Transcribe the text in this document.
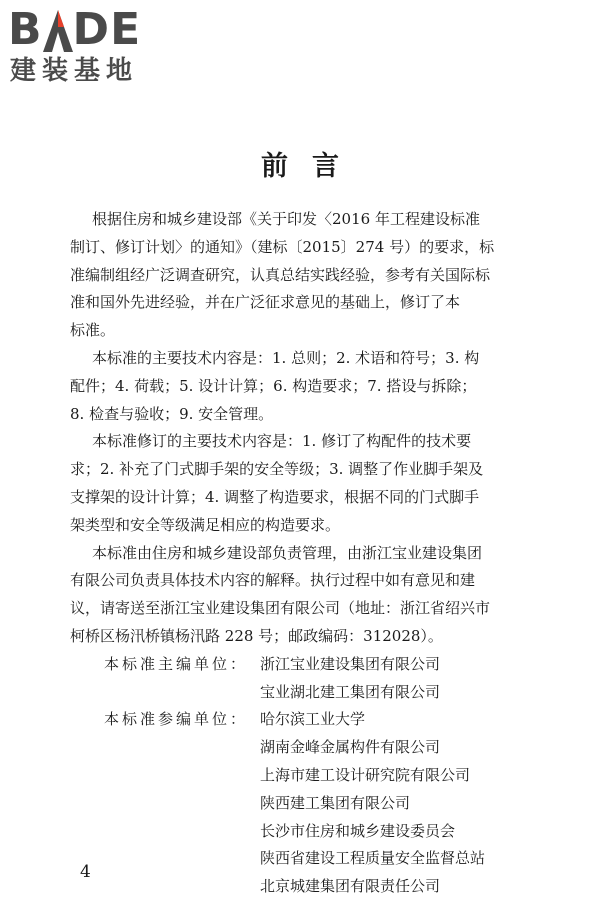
B DE
建装基地
前言
根据住房和城乡建设部《关于印发〈2016 年工程建设标准
制订、修订计划〉的通知》（建标〔2015〕274 号）的要求，标
准编制组经广泛调查研究，认真总结实践经验，参考有关国际标
准和国外先进经验，并在广泛征求意见的基础上，修订了本
标准。
本标准的主要技术内容是：1. 总则；2. 术语和符号；3. 构
配件；4. 荷载；5. 设计计算；6. 构造要求；7. 搭设与拆除；
8. 检查与验收；9. 安全管理。
本标准修订的主要技术内容是：1. 修订了构配件的技术要
求；2. 补充了门式脚手架的安全等级；3. 调整了作业脚手架及
支撑架的设计计算；4. 调整了构造要求，根据不同的门式脚手
架类型和安全等级满足相应的构造要求。
本标准由住房和城乡建设部负责管理，由浙江宝业建设集团
有限公司负责具体技术内容的解释。执行过程中如有意见和建
议，请寄送至浙江宝业建设集团有限公司（地址：浙江省绍兴市
柯桥区杨汛桥镇杨汛路 228 号；邮政编码：312028）。
本标准主编单位： 浙江宝业建设集团有限公司
宝业湖北建工集团有限公司
本标准参编单位： 哈尔滨工业大学
湖南金峰金属构件有限公司
上海市建工设计研究院有限公司
陕西建工集团有限公司
长沙市住房和城乡建设委员会
陕西省建设工程质量安全监督总站
北京城建集团有限责任公司
4
